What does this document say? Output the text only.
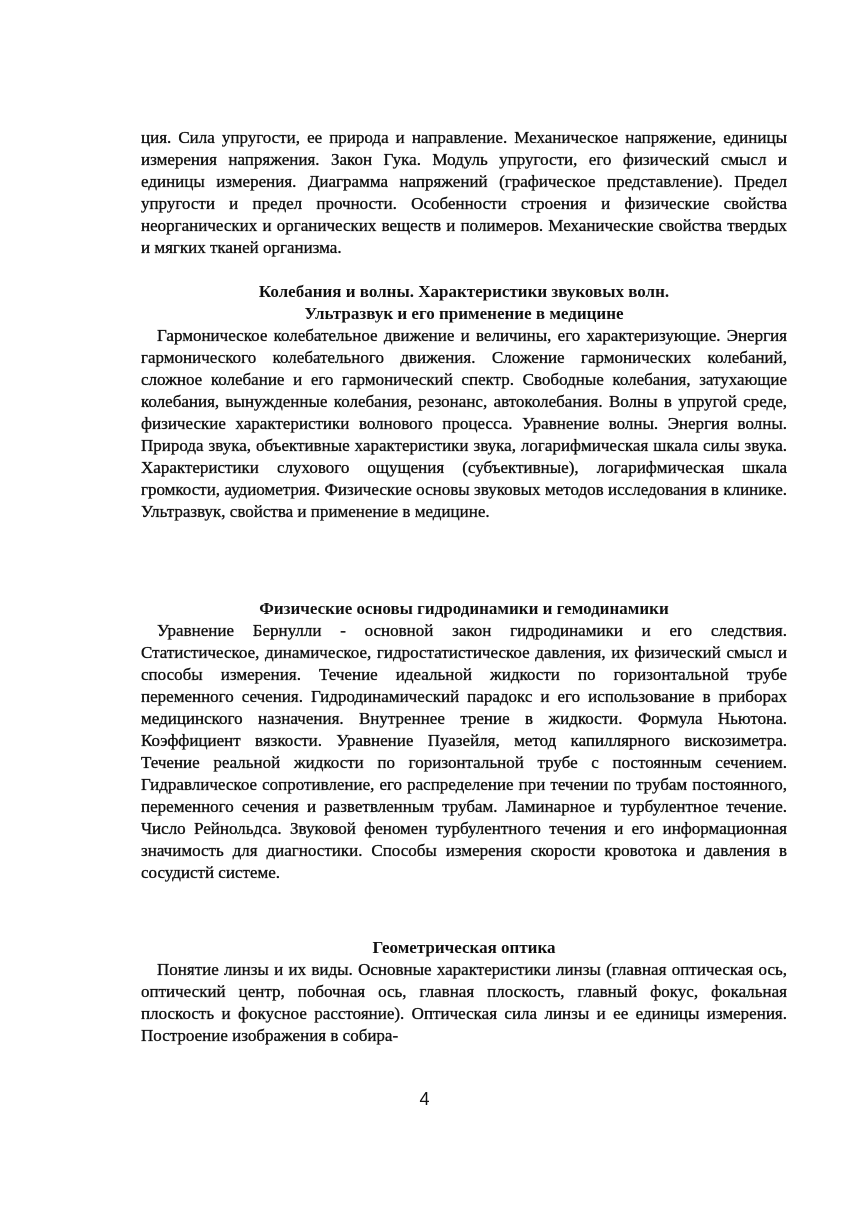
ция. Сила упругости, ее природа и направление. Механическое напряжение, единицы измерения напряжения. Закон Гука. Модуль упругости, его физический смысл и единицы измерения. Диаграмма напряжений (графическое представление). Предел упругости и предел прочности. Особенности строения и физические свойства неорганических и органических веществ и полимеров. Механические свойства твердых и мягких тканей организма.

Колебания и волны. Характеристики звуковых волн.
Ультразвук и его применение в медицине

Гармоническое колебательное движение и величины, его характеризующие. Энергия гармонического колебательного движения. Сложение гармонических колебаний, сложное колебание и его гармонический спектр. Свободные колебания, затухающие колебания, вынужденные колебания, резонанс, автоколебания. Волны в упругой среде, физические характеристики волнового процесса. Уравнение волны. Энергия волны. Природа звука, объективные характеристики звука, логарифмическая шкала силы звука. Характеристики слухового ощущения (субъективные), логарифмическая шкала громкости, аудиометрия. Физические основы звуковых методов исследования в клинике. Ультразвук, свойства и применение в медицине.

Физические основы гидродинамики и гемодинамики

Уравнение Бернулли - основной закон гидродинамики и его следствия. Статистическое, динамическое, гидростатистическое давления, их физический смысл и способы измерения. Течение идеальной жидкости по горизонтальной трубе переменного сечения. Гидродинамический парадокс и его использование в приборах медицинского назначения. Внутреннее трение в жидкости. Формула Ньютона. Коэффициент вязкости. Уравнение Пуазейля, метод капиллярного вискозиметра. Течение реальной жидкости по горизонтальной трубе с постоянным сечением. Гидравлическое сопротивление, его распределение при течении по трубам постоянного, переменного сечения и разветвленным трубам. Ламинарное и турбулентное течение. Число Рейнольдса. Звуковой феномен турбулентного течения и его информационная значимость для диагностики. Способы измерения скорости кровотока и давления в сосудистй системе.

Геометрическая оптика

Понятие линзы и их виды. Основные характеристики линзы (главная оптическая ось, оптический центр, побочная ось, главная плоскость, главный фокус, фокальная плоскость и фокусное расстояние). Оптическая сила линзы и ее единицы измерения. Построение изображения в собира-

4
